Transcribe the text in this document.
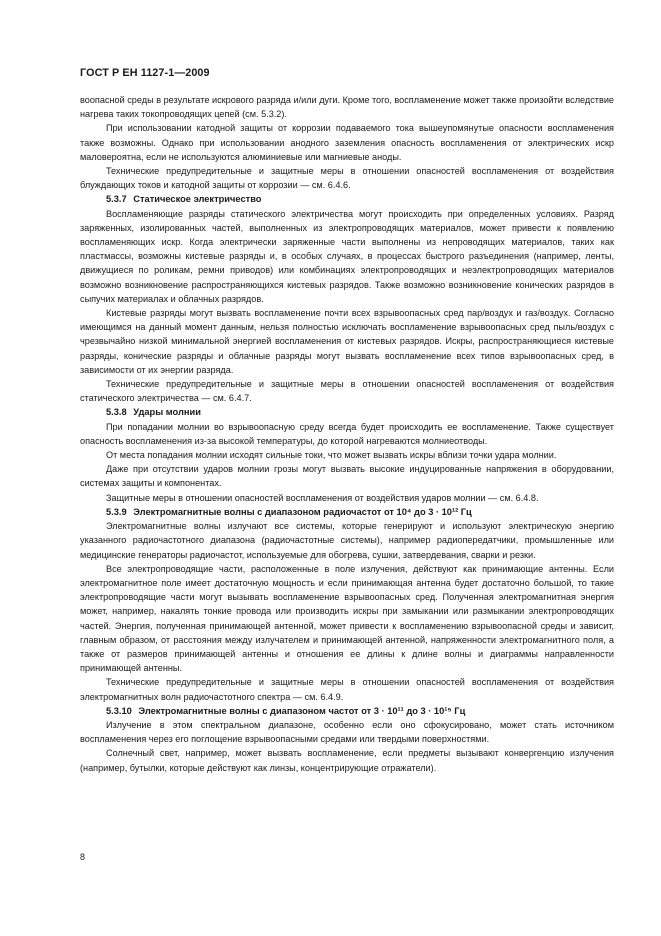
ГОСТ Р ЕН 1127-1—2009

воопасной среды в результате искрового разряда и/или дуги. Кроме того, воспламенение может также произойти вследствие нагрева таких токопроводящих цепей (см. 5.3.2).

При использовании катодной защиты от коррозии подаваемого тока вышеупомянутые опасности воспламенения также возможны. Однако при использовании анодного заземления опасность воспламенения от электрических искр маловероятна, если не используются алюминиевые или магниевые аноды.

Технические предупредительные и защитные меры в отношении опасностей воспламенения от воздействия блуждающих токов и катодной защиты от коррозии — см. 6.4.6.

5.3.7 Статическое электричество

Воспламеняющие разряды статического электричества могут происходить при определенных условиях. Разряд заряженных, изолированных частей, выполненных из электропроводящих материалов, может привести к появлению воспламеняющих искр. Когда электрически заряженные части выполнены из непроводящих материалов, таких как пластмассы, возможны кистевые разряды и, в особых случаях, в процессах быстрого разъединения (например, ленты, движущиеся по роликам, ремни приводов) или комбинациях электропроводящих и неэлектропроводящих материалов возможно возникновение распространяющихся кистевых разрядов. Также возможно возникновение конических разрядов в сыпучих материалах и облачных разрядов.

Кистевые разряды могут вызвать воспламенение почти всех взрывоопасных сред пар/воздух и газ/воздух. Согласно имеющимся на данный момент данным, нельзя полностью исключать воспламенение взрывоопасных сред пыль/воздух с чрезвычайно низкой минимальной энергией воспламенения от кистевых разрядов. Искры, распространяющиеся кистевые разряды, конические разряды и облачные разряды могут вызвать воспламенение всех типов взрывоопасных сред, в зависимости от их энергии разряда.

Технические предупредительные и защитные меры в отношении опасностей воспламенения от воздействия статического электричества — см. 6.4.7.

5.3.8 Удары молнии

При попадании молнии во взрывоопасную среду всегда будет происходить ее воспламенение. Также существует опасность воспламенения из-за высокой температуры, до которой нагреваются молниеотводы.

От места попадания молнии исходят сильные токи, что может вызвать искры вблизи точки удара молнии.

Даже при отсутствии ударов молнии грозы могут вызвать высокие индуцированные напряжения в оборудовании, системах защиты и компонентах.

Защитные меры в отношении опасностей воспламенения от воздействия ударов молнии — см. 6.4.8.

5.3.9 Электромагнитные волны с диапазоном радиочастот от 10⁴ до 3 · 10¹² Гц

Электромагнитные волны излучают все системы, которые генерируют и используют электрическую энергию указанного радиочастотного диапазона (радиочастотные системы), например радиопередатчики, промышленные или медицинские генераторы радиочастот, используемые для обогрева, сушки, затвердевания, сварки и резки.

Все электропроводящие части, расположенные в поле излучения, действуют как принимающие антенны. Если электромагнитное поле имеет достаточную мощность и если принимающая антенна будет достаточно большой, то такие электропроводящие части могут вызывать воспламенение взрывоопасных сред. Полученная электромагнитная энергия может, например, накалять тонкие провода или производить искры при замыкании или размыкании электропроводящих частей. Энергия, полученная принимающей антенной, может привести к воспламенению взрывоопасной среды и зависит, главным образом, от расстояния между излучателем и принимающей антенной, напряженности электромагнитного поля, а также от размеров принимающей антенны и отношения ее длины к длине волны и диаграммы направленности принимающей антенны.

Технические предупредительные и защитные меры в отношении опасностей воспламенения от воздействия электромагнитных волн радиочастотного спектра — см. 6.4.9.

5.3.10 Электромагнитные волны с диапазоном частот от 3 · 10¹¹ до 3 · 10¹⁵ Гц

Излучение в этом спектральном диапазоне, особенно если оно сфокусировано, может стать источником воспламенения через его поглощение взрывоопасными средами или твердыми поверхностями.

Солнечный свет, например, может вызвать воспламенение, если предметы вызывают конвергенцию излучения (например, бутылки, которые действуют как линзы, концентрирующие отражатели).

8
